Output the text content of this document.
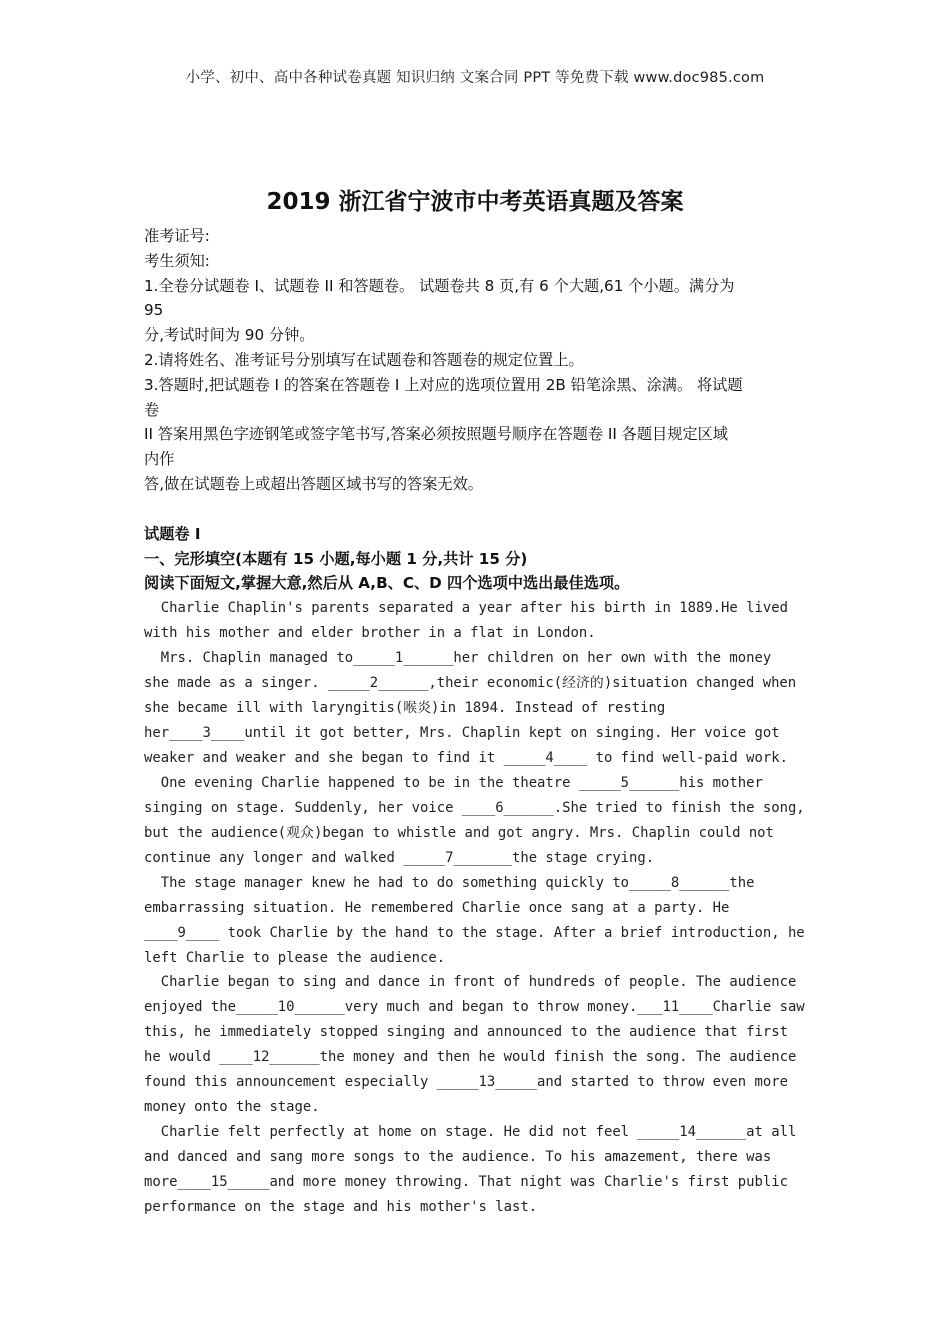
小学、初中、高中各种试卷真题 知识归纳 文案合同 PPT 等免费下载 www.doc985.com
2019 浙江省宁波市中考英语真题及答案
准考证号:
考生须知:
1.全卷分试题卷 I、试题卷 II 和答题卷。 试题卷共 8 页,有 6 个大题,61 个小题。满分为
95
分,考试时间为 90 分钟。
2.请将姓名、准考证号分别填写在试题卷和答题卷的规定位置上。
3.答题时,把试题卷 I 的答案在答题卷 I 上对应的选项位置用 2B 铅笔涂黑、涂满。 将试题
卷
II 答案用黑色字迹钢笔或签字笔书写,答案必须按照题号顺序在答题卷 II 各题目规定区域
内作
答,做在试题卷上或超出答题区域书写的答案无效。
试题卷 I
一、完形填空(本题有 15 小题,每小题 1 分,共计 15 分)
阅读下面短文,掌握大意,然后从 A,B、C、D 四个选项中选出最佳选项。
Charlie Chaplin's parents separated a year after his birth in 1889.He lived
with his mother and elder brother in a flat in London.
Mrs. Chaplin managed to_____1______her children on her own with the money
she made as a singer. _____2______,their economic(经济的)situation changed when
she became ill with laryngitis(喉炎)in 1894. Instead of resting
her____3____until it got better, Mrs. Chaplin kept on singing. Her voice got
weaker and weaker and she began to find it _____4____ to find well-paid work.
One evening Charlie happened to be in the theatre _____5______his mother
singing on stage. Suddenly, her voice ____6______.She tried to finish the song,
but the audience(观众)began to whistle and got angry. Mrs. Chaplin could not
continue any longer and walked _____7_______the stage crying.
The stage manager knew he had to do something quickly to_____8______the
embarrassing situation. He remembered Charlie once sang at a party. He
____9____ took Charlie by the hand to the stage. After a brief introduction, he
left Charlie to please the audience.
Charlie began to sing and dance in front of hundreds of people. The audience
enjoyed the_____10______very much and began to throw money.___11____Charlie saw
this, he immediately stopped singing and announced to the audience that first
he would ____12______the money and then he would finish the song. The audience
found this announcement especially _____13_____and started to throw even more
money onto the stage.
Charlie felt perfectly at home on stage. He did not feel _____14______at all
and danced and sang more songs to the audience. To his amazement, there was
more____15_____and more money throwing. That night was Charlie's first public
performance on the stage and his mother's last.
